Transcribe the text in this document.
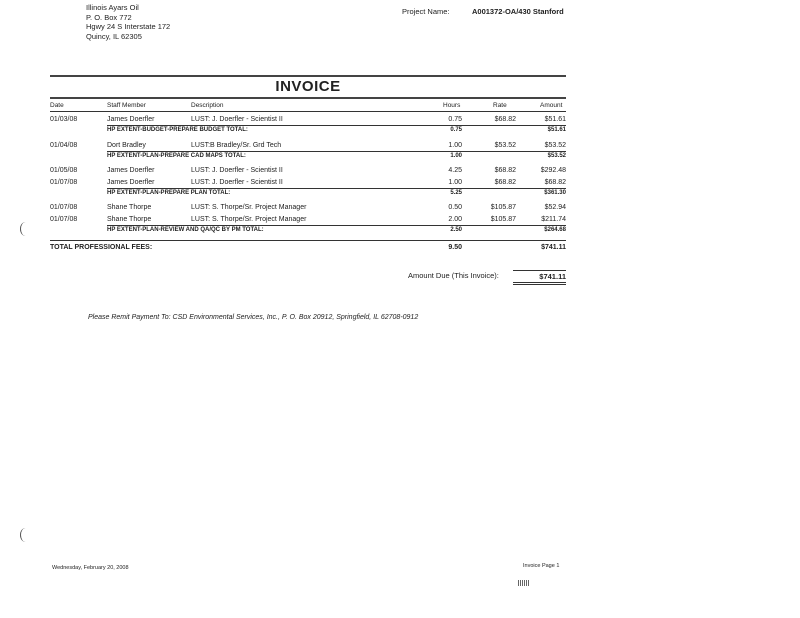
Illinois Ayars Oil
P. O. Box 772
Hgwy 24 S Interstate 172
Quincy, IL 62305
Project Name:	A001372-OA/430 Stanford
INVOICE
Date	Staff Member	Description	Hours	Rate	Amount
01/03/08	James Doerfler	LUST: J. Doerfler - Scientist II	0.75	$68.82	$51.61
HP EXTENT-BUDGET-PREPARE BUDGET TOTAL:	0.75	$51.61
01/04/08	Dort Bradley	LUST:B Bradley/Sr. Grd Tech	1.00	$53.52	$53.52
HP EXTENT-PLAN-PREPARE CAD MAPS TOTAL:	1.00	$53.52
01/05/08	James Doerfler	LUST: J. Doerfler - Scientist II	4.25	$68.82	$292.48
01/07/08	James Doerfler	LUST: J. Doerfler - Scientist II	1.00	$68.82	$68.82
HP EXTENT-PLAN-PREPARE PLAN TOTAL:	5.25	$361.30
01/07/08	Shane Thorpe	LUST: S. Thorpe/Sr. Project Manager	0.50	$105.87	$52.94
01/07/08	Shane Thorpe	LUST: S. Thorpe/Sr. Project Manager	2.00	$105.87	$211.74
HP EXTENT-PLAN-REVIEW AND QA/QC BY PM TOTAL:	2.50	$264.68
TOTAL PROFESSIONAL FEES:	9.50	$741.11
Amount Due (This Invoice):	$741.11
Please Remit Payment To: CSD Environmental Services, Inc., P. O. Box 20912, Springfield, IL 62708-0912
Wednesday, February 20, 2008	Invoice Page 1
